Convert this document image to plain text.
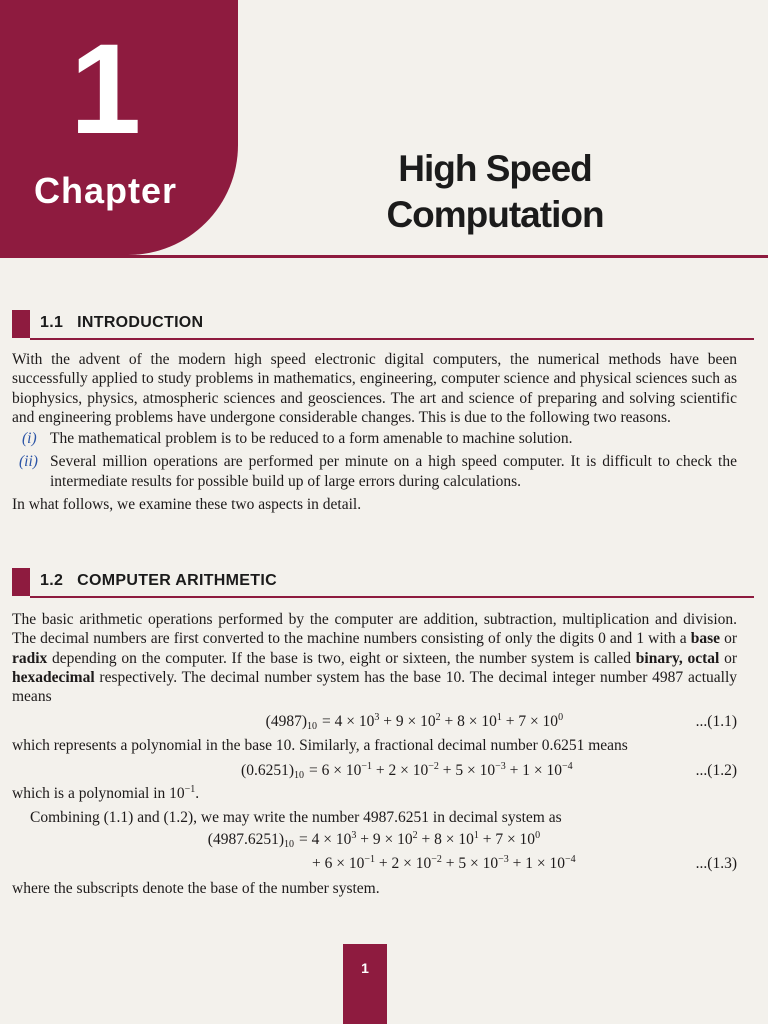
1
Chapter
High Speed
Computation
1.1 INTRODUCTION

With the advent of the modern high speed electronic digital computers, the numerical methods have been successfully applied to study problems in mathematics, engineering, computer science and physical sciences such as biophysics, physics, atmospheric sciences and geosciences. The art and science of preparing and solving scientific and engineering problems have undergone considerable changes. This is due to the following two reasons.

(i) The mathematical problem is to be reduced to a form amenable to machine solution.
(ii) Several million operations are performed per minute on a high speed computer. It is difficult to check the intermediate results for possible build up of large errors during calculations.

In what follows, we examine these two aspects in detail.

1.2 COMPUTER ARITHMETIC

The basic arithmetic operations performed by the computer are addition, subtraction, multiplication and division. The decimal numbers are first converted to the machine numbers consisting of only the digits 0 and 1 with a base or radix depending on the computer. If the base is two, eight or sixteen, the number system is called binary, octal or hexadecimal respectively. The decimal number system has the base 10. The decimal integer number 4987 actually means

$(4987)_{10} = 4 \times 10^3 + 9 \times 10^2 + 8 \times 10^1 + 7 \times 10^0$	...(1.1)

which represents a polynomial in the base 10. Similarly, a fractional decimal number 0.6251 means

$(0.6251)_{10} = 6 \times 10^{-1} + 2 \times 10^{-2} + 5 \times 10^{-3} + 1 \times 10^{-4}$	...(1.2)

which is a polynomial in $10^{-1}$.

Combining (1.1) and (1.2), we may write the number 4987.6251 in decimal system as

$(4987.6251)_{10} = 4 \times 10^3 + 9 \times 10^2 + 8 \times 10^1 + 7 \times 10^0$
+ $6 \times 10^{-1} + 2 \times 10^{-2} + 5 \times 10^{-3} + 1 \times 10^{-4}$	...(1.3)

where the subscripts denote the base of the number system.

1
